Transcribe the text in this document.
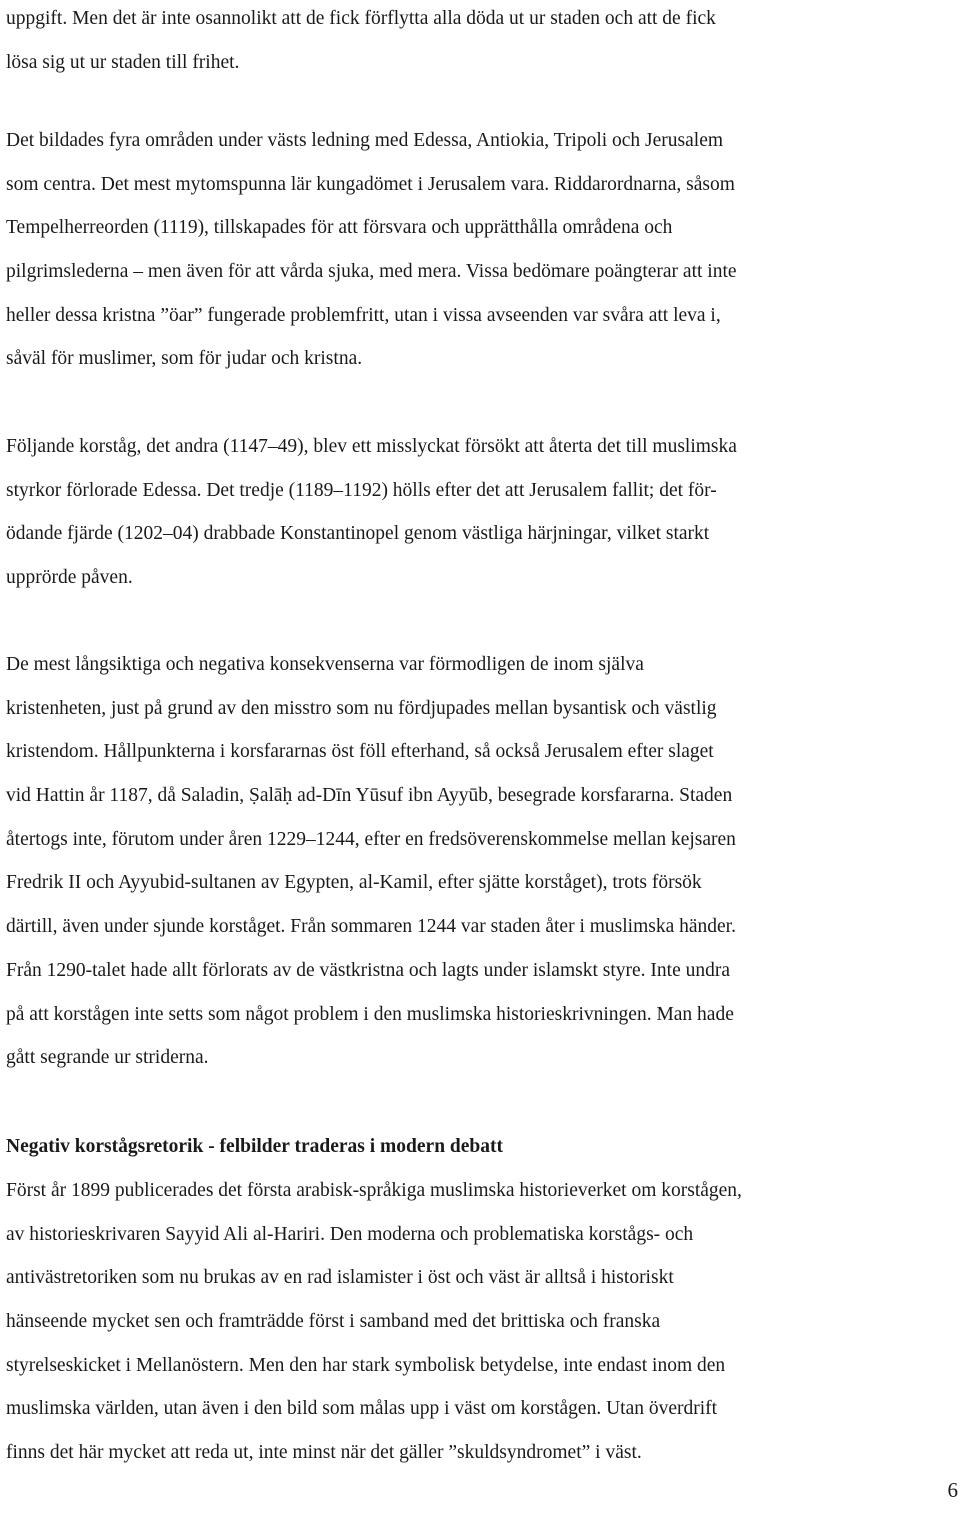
uppgift. Men det är inte osannolikt att de fick förflytta alla döda ut ur staden och att de fick
lösa sig ut ur staden till frihet.

Det bildades fyra områden under västs ledning med Edessa, Antiokia, Tripoli och Jerusalem
som centra. Det mest mytomspunna lär kungadömet i Jerusalem vara. Riddarordnarna, såsom
Tempelherreorden (1119), tillskapades för att försvara och upprätthålla områdena och
pilgrimslederna – men även för att vårda sjuka, med mera. Vissa bedömare poängterar att inte
heller dessa kristna ”öar” fungerade problemfritt, utan i vissa avseenden var svåra att leva i,
såväl för muslimer, som för judar och kristna.

Följande korståg, det andra (1147–49), blev ett misslyckat försökt att återta det till muslimska
styrkor förlorade Edessa. Det tredje (1189–1192) hölls efter det att Jerusalem fallit; det för-
ödande fjärde (1202–04) drabbade Konstantinopel genom västliga härjningar, vilket starkt
upprörde påven.

De mest långsiktiga och negativa konsekvenserna var förmodligen de inom själva
kristenheten, just på grund av den misstro som nu fördjupades mellan bysantisk och västlig
kristendom. Hållpunkterna i korsfararnas öst föll efterhand, så också Jerusalem efter slaget
vid Hattin år 1187, då Saladin, Ṣalāḥ ad-Dīn Yūsuf ibn Ayyūb, besegrade korsfararna. Staden
återtogs inte, förutom under åren 1229–1244, efter en fredsöverenskommelse mellan kejsaren
Fredrik II och Ayyubid-sultanen av Egypten, al-Kamil, efter sjätte korståget), trots försök
därtill, även under sjunde korståget. Från sommaren 1244 var staden åter i muslimska händer.
Från 1290-talet hade allt förlorats av de västkristna och lagts under islamskt styre. Inte undra
på att korstågen inte setts som något problem i den muslimska historieskrivningen. Man hade
gått segrande ur striderna.

Negativ korstågsretorik - felbilder traderas i modern debatt

Först år 1899 publicerades det första arabisk-språkiga muslimska historieverket om korstågen,
av historieskrivaren Sayyid Ali al-Hariri. Den moderna och problematiska korstågs- och
antivästretoriken som nu brukas av en rad islamister i öst och väst är alltså i historiskt
hänseende mycket sen och framträdde först i samband med det brittiska och franska
styrelseskicket i Mellanöstern. Men den har stark symbolisk betydelse, inte endast inom den
muslimska världen, utan även i den bild som målas upp i väst om korstågen. Utan överdrift
finns det här mycket att reda ut, inte minst när det gäller ”skuldsyndromet” i väst.

6
